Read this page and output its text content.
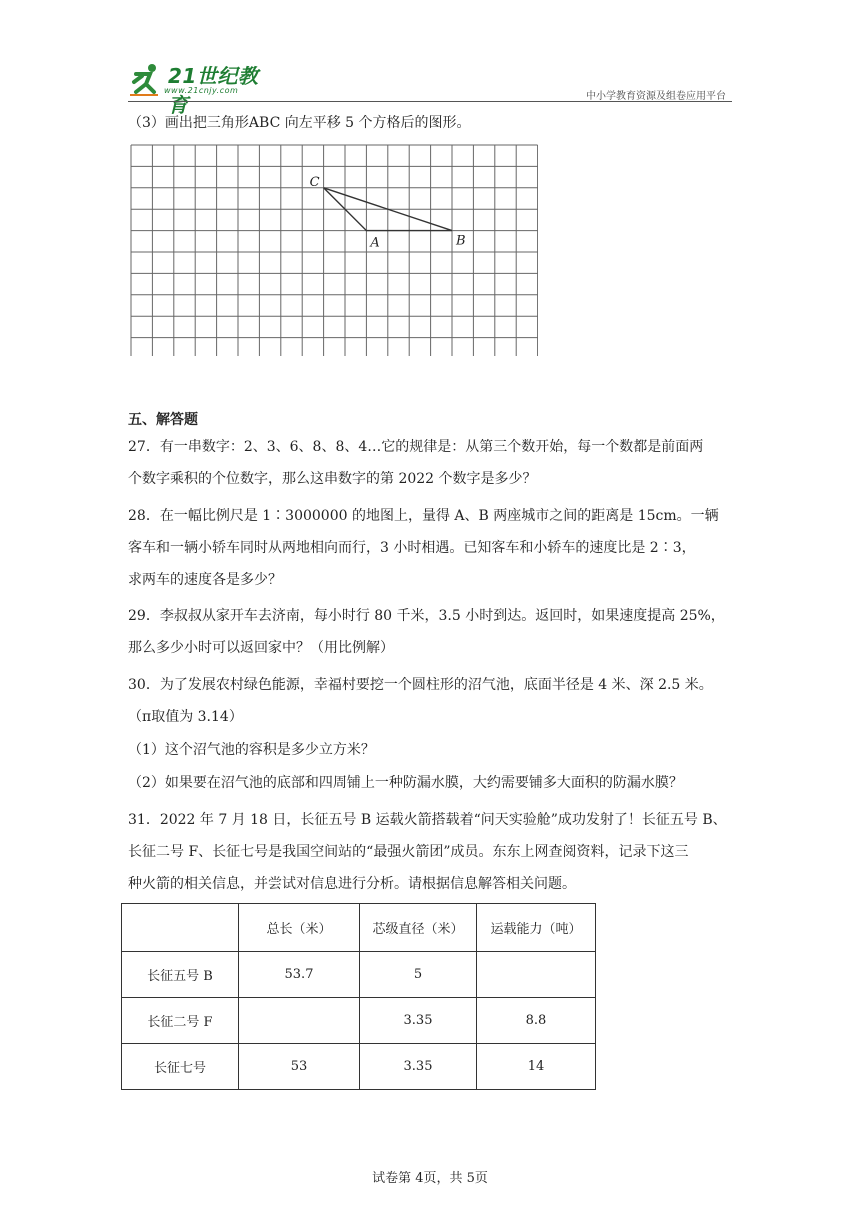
21世纪教育
www.21cnjy.com
中小学教育资源及组卷应用平台
（3）画出把三角形ABC 向左平移 5 个方格后的图形。
C
A	B
五、解答题
27．有一串数字：2、3、6、8、8、4…它的规律是：从第三个数开始，每一个数都是前面两
个数字乘积的个位数字，那么这串数字的第 2022 个数字是多少？
28．在一幅比例尺是 1∶3000000 的地图上，量得 A、B 两座城市之间的距离是 15cm。一辆
客车和一辆小轿车同时从两地相向而行，3 小时相遇。已知客车和小轿车的速度比是 2∶3，
求两车的速度各是多少？
29．李叔叔从家开车去济南，每小时行 80 千米，3.5 小时到达。返回时，如果速度提高 25%，
那么多少小时可以返回家中？（用比例解）
30．为了发展农村绿色能源，幸福村要挖一个圆柱形的沼气池，底面半径是 4 米、深 2.5 米。
（π取值为 3.14）
（1）这个沼气池的容积是多少立方米？
（2）如果要在沼气池的底部和四周铺上一种防漏水膜，大约需要铺多大面积的防漏水膜？
31．2022 年 7 月 18 日，长征五号 B 运载火箭搭载着“问天实验舱”成功发射了！长征五号 B、
长征二号 F、长征七号是我国空间站的“最强火箭团”成员。东东上网查阅资料，记录下这三
种火箭的相关信息，并尝试对信息进行分析。请根据信息解答相关问题。
	总长（米）	芯级直径（米）	运载能力（吨）
长征五号 B	53.7	5	
长征二号 F		3.35	8.8
长征七号	53	3.35	14
试卷第 4页，共 5页
